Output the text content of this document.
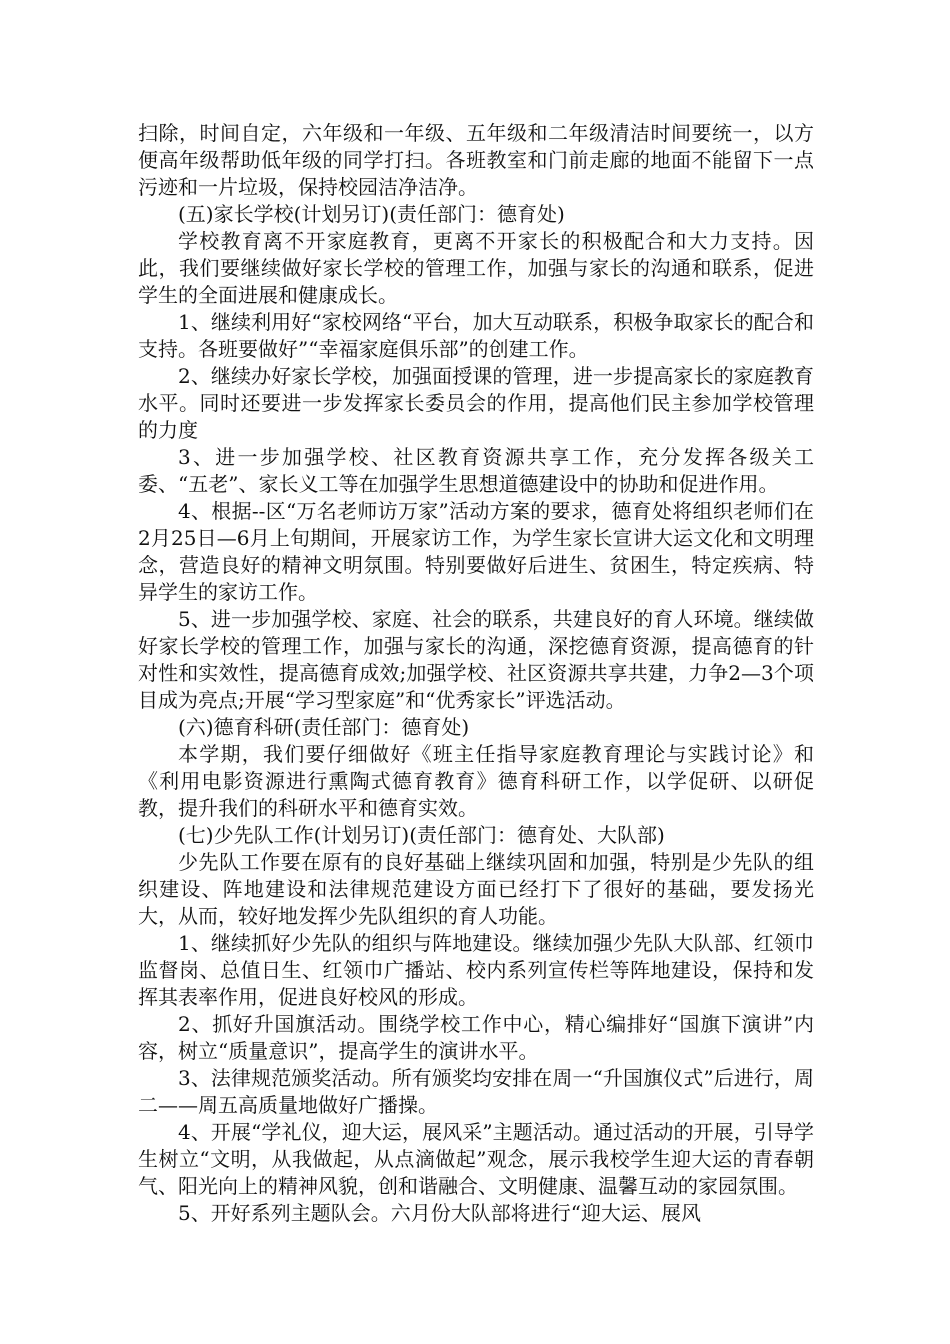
扫除，时间自定，六年级和一年级、五年级和二年级清洁时间要统一，以方便高年级帮助低年级的同学打扫。各班教室和门前走廊的地面不能留下一点污迹和一片垃圾，保持校园洁净洁净。

(五)家长学校(计划另订)(责任部门：德育处)

学校教育离不开家庭教育，更离不开家长的积极配合和大力支持。因此，我们要继续做好家长学校的管理工作，加强与家长的沟通和联系，促进学生的全面进展和健康成长。

1、继续利用好“家校网络“平台，加大互动联系，积极争取家长的配合和支持。各班要做好”“幸福家庭俱乐部”的创建工作。

2、继续办好家长学校，加强面授课的管理，进一步提高家长的家庭教育水平。同时还要进一步发挥家长委员会的作用，提高他们民主参加学校管理的力度

3、进一步加强学校、社区教育资源共享工作，充分发挥各级关工委、“五老”、家长义工等在加强学生思想道德建设中的协助和促进作用。

4、根据--区“万名老师访万家”活动方案的要求，德育处将组织老师们在2月25日—6月上旬期间，开展家访工作，为学生家长宣讲大运文化和文明理念，营造良好的精神文明氛围。特别要做好后进生、贫困生，特定疾病、特异学生的家访工作。

5、进一步加强学校、家庭、社会的联系，共建良好的育人环境。继续做好家长学校的管理工作，加强与家长的沟通，深挖德育资源，提高德育的针对性和实效性，提高德育成效;加强学校、社区资源共享共建，力争2—3个项目成为亮点;开展“学习型家庭”和“优秀家长”评选活动。

(六)德育科研(责任部门：德育处)

本学期，我们要仔细做好《班主任指导家庭教育理论与实践讨论》和《利用电影资源进行熏陶式德育教育》德育科研工作，以学促研、以研促教，提升我们的科研水平和德育实效。

(七)少先队工作(计划另订)(责任部门：德育处、大队部)

少先队工作要在原有的良好基础上继续巩固和加强，特别是少先队的组织建设、阵地建设和法律规范建设方面已经打下了很好的基础，要发扬光大，从而，较好地发挥少先队组织的育人功能。

1、继续抓好少先队的组织与阵地建设。继续加强少先队大队部、红领巾监督岗、总值日生、红领巾广播站、校内系列宣传栏等阵地建设，保持和发挥其表率作用，促进良好校风的形成。

2、抓好升国旗活动。围绕学校工作中心，精心编排好“国旗下演讲”内容，树立“质量意识”，提高学生的演讲水平。

3、法律规范颁奖活动。所有颁奖均安排在周一“升国旗仪式”后进行，周二——周五高质量地做好广播操。

4、开展“学礼仪，迎大运，展风采”主题活动。通过活动的开展，引导学生树立“文明，从我做起，从点滴做起”观念，展示我校学生迎大运的青春朝气、阳光向上的精神风貌，创和谐融合、文明健康、温馨互动的家园氛围。

5、开好系列主题队会。六月份大队部将进行“迎大运、展风
